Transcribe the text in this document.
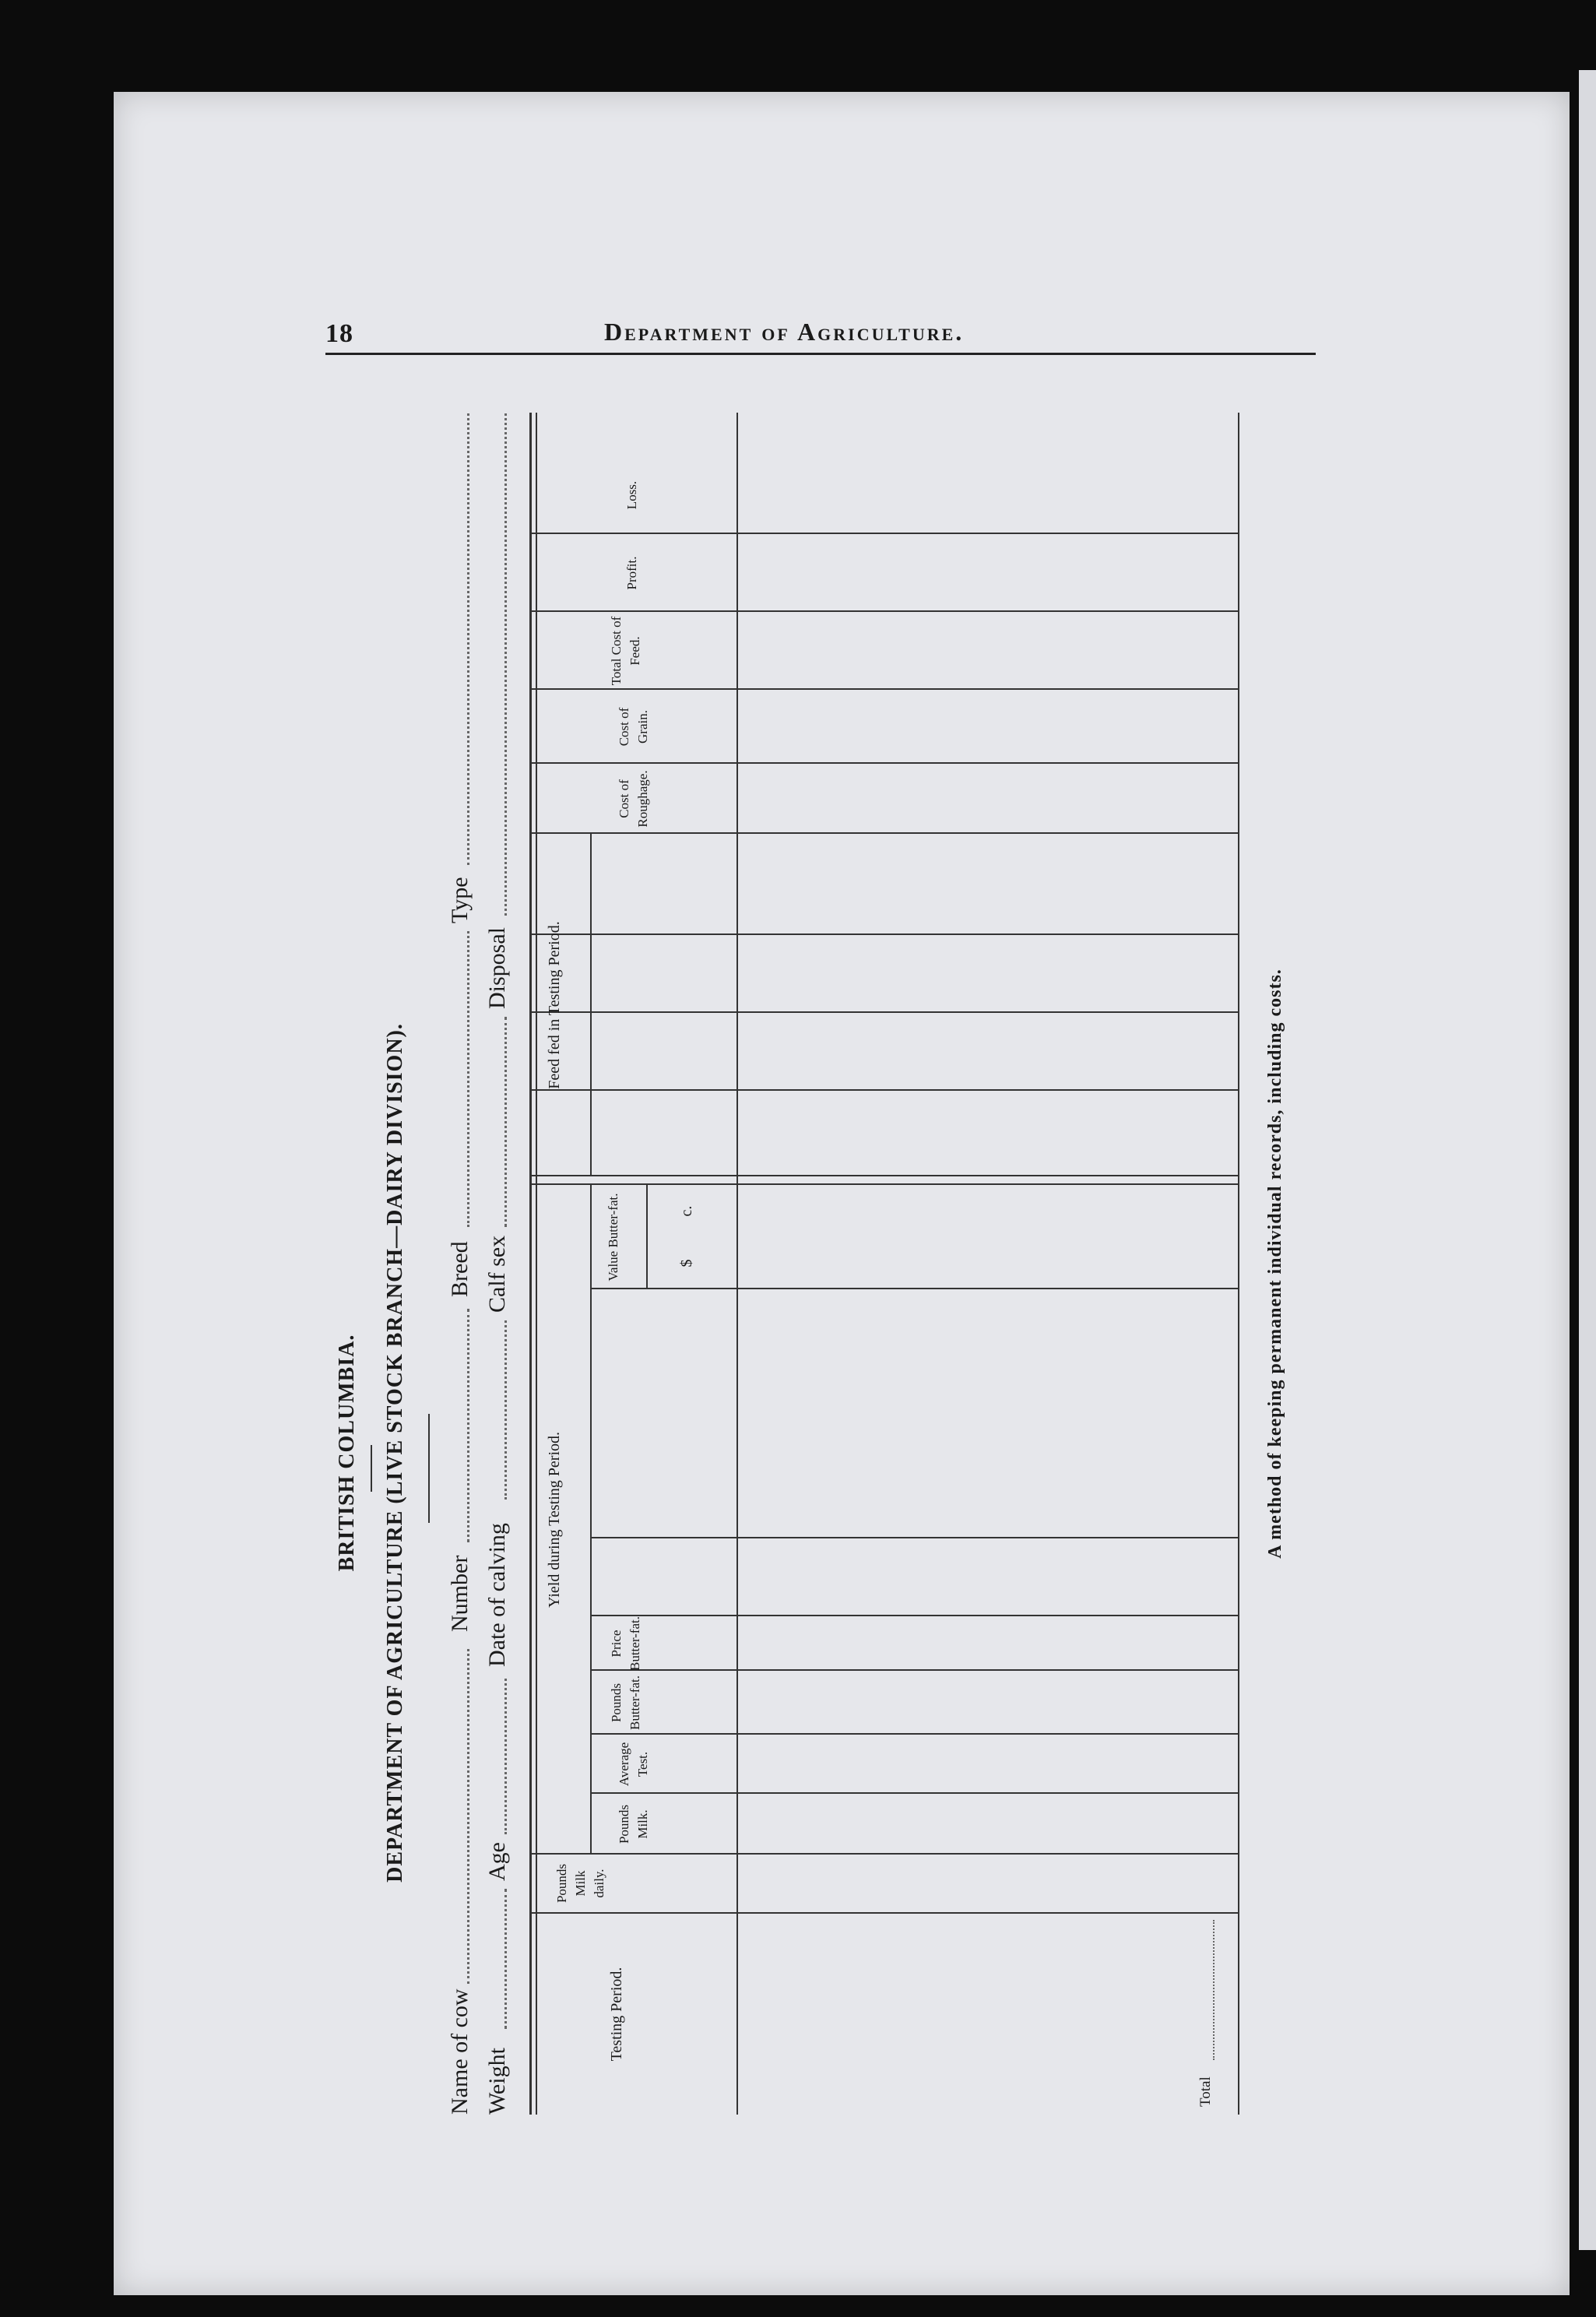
18	Department of Agriculture.
BRITISH COLUMBIA. DEPARTMENT OF AGRICULTURE (LIVE STOCK BRANCH—DAIRY DIVISION).
Name of cow
Number
Breed
Type
Weight
Age
Date of calving
Calf sex
Disposal
Testing Period.
Pounds Milk daily.
Yield during Testing Period.
Pounds Milk.
Average Test.
Pounds Butter-fat.
Price Butter-fat.
Value Butter-fat.	$
c.
Feed fed in Testing Period.
Cost of Roughage.
Cost of Grain.
Total Cost of Feed.
Profit.
Loss.
Total
A method of keeping permanent individual records, including costs.
